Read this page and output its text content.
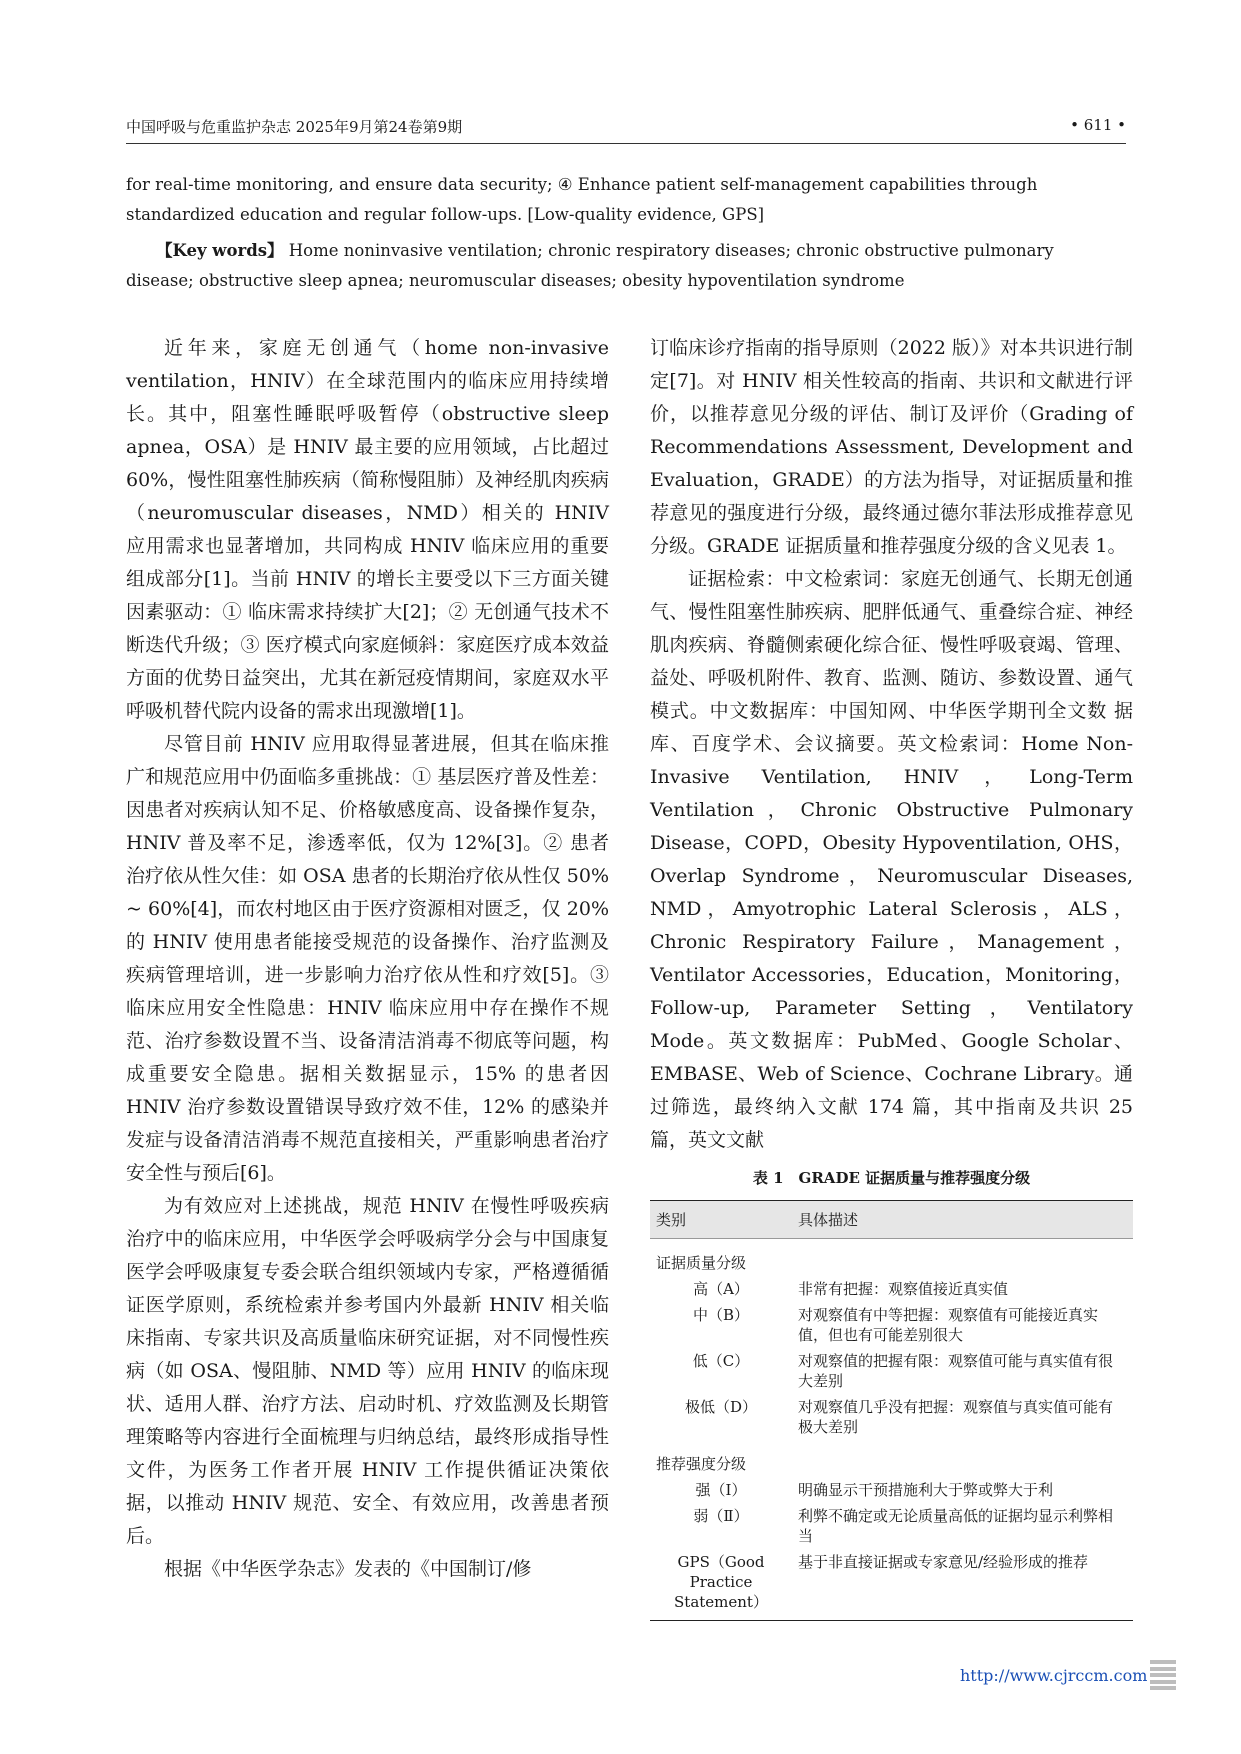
中国呼吸与危重监护杂志 2025年9月第24卷第9期	• 611 •

for real-time monitoring, and ensure data security; ④ Enhance patient self-management capabilities through standardized education and regular follow-ups. [Low-quality evidence, GPS]

【Key words】 Home noninvasive ventilation; chronic respiratory diseases; chronic obstructive pulmonary disease; obstructive sleep apnea; neuromuscular diseases; obesity hypoventilation syndrome

近年来，家庭无创通气（home non-invasive ventilation，HNIV）在全球范围内的临床应用持续增长。其中，阻塞性睡眠呼吸暂停（obstructive sleep apnea，OSA）是 HNIV 最主要的应用领域，占比超过 60%，慢性阻塞性肺疾病（简称慢阻肺）及神经肌肉疾病（neuromuscular diseases，NMD）相关的 HNIV 应用需求也显著增加，共同构成 HNIV 临床应用的重要组成部分[1]。当前 HNIV 的增长主要受以下三方面关键因素驱动：① 临床需求持续扩大[2]；② 无创通气技术不断迭代升级；③ 医疗模式向家庭倾斜：家庭医疗成本效益方面的优势日益突出，尤其在新冠疫情期间，家庭双水平呼吸机替代院内设备的需求出现激增[1]。

尽管目前 HNIV 应用取得显著进展，但其在临床推广和规范应用中仍面临多重挑战：① 基层医疗普及性差：因患者对疾病认知不足、价格敏感度高、设备操作复杂，HNIV 普及率不足，渗透率低，仅为 12%[3]。② 患者治疗依从性欠佳：如 OSA 患者的长期治疗依从性仅 50% ~ 60%[4]，而农村地区由于医疗资源相对匮乏，仅 20% 的 HNIV 使用患者能接受规范的设备操作、治疗监测及疾病管理培训，进一步影响力治疗依从性和疗效[5]。③ 临床应用安全性隐患：HNIV 临床应用中存在操作不规范、治疗参数设置不当、设备清洁消毒不彻底等问题，构成重要安全隐患。据相关数据显示，15% 的患者因 HNIV 治疗参数设置错误导致疗效不佳，12% 的感染并发症与设备清洁消毒不规范直接相关，严重影响患者治疗安全性与预后[6]。

为有效应对上述挑战，规范 HNIV 在慢性呼吸疾病治疗中的临床应用，中华医学会呼吸病学分会与中国康复医学会呼吸康复专委会联合组织领域内专家，严格遵循循证医学原则，系统检索并参考国内外最新 HNIV 相关临床指南、专家共识及高质量临床研究证据，对不同慢性疾病（如 OSA、慢阻肺、NMD 等）应用 HNIV 的临床现状、适用人群、治疗方法、启动时机、疗效监测及长期管理策略等内容进行全面梳理与归纳总结，最终形成指导性文件，为医务工作者开展 HNIV 工作提供循证决策依据，以推动 HNIV 规范、安全、有效应用，改善患者预后。

根据《中华医学杂志》发表的《中国制订/修

订临床诊疗指南的指导原则（2022 版）》对本共识进行制定[7]。对 HNIV 相关性较高的指南、共识和文献进行评价，以推荐意见分级的评估、制订及评价（Grading of Recommendations Assessment, Development and Evaluation，GRADE）的方法为指导，对证据质量和推荐意见的强度进行分级，最终通过德尔菲法形成推荐意见分级。GRADE 证据质量和推荐强度分级的含义见表 1。

证据检索：中文检索词：家庭无创通气、长期无创通气、慢性阻塞性肺疾病、肥胖低通气、重叠综合症、神经肌肉疾病、脊髓侧索硬化综合征、慢性呼吸衰竭、管理、益处、呼吸机附件、教育、监测、随访、参数设置、通气模式。中文数据库：中国知网、中华医学期刊全文数 据库、百度学术、会议摘要。英文检索词：Home Non-Invasive Ventilation, HNIV，Long-Term Ventilation，Chronic Obstructive Pulmonary Disease，COPD，Obesity Hypoventilation, OHS，Overlap Syndrome，Neuromuscular Diseases, NMD，Amyotrophic Lateral Sclerosis，ALS，Chronic Respiratory Failure，Management，Ventilator Accessories，Education，Monitoring，Follow-up, Parameter Setting，Ventilatory Mode。英文数据库：PubMed、Google Scholar、EMBASE、Web of Science、Cochrane Library。通过筛选，最终纳入文献 174 篇，其中指南及共识 25 篇，英文文献

表 1　GRADE 证据质量与推荐强度分级
类别	具体描述
证据质量分级	
高（A）	非常有把握：观察值接近真实值
中（B）	对观察值有中等把握：观察值有可能接近真实值，但也有可能差别很大
低（C）	对观察值的把握有限：观察值可能与真实值有很大差别
极低（D）	对观察值几乎没有把握：观察值与真实值可能有极大差别
推荐强度分级	
强（Ⅰ）	明确显示干预措施利大于弊或弊大于利
弱（Ⅱ）	利弊不确定或无论质量高低的证据均显示利弊相当
GPS（Good Practice Statement）	基于非直接证据或专家意见/经验形成的推荐
http://www.cjrccm.com
